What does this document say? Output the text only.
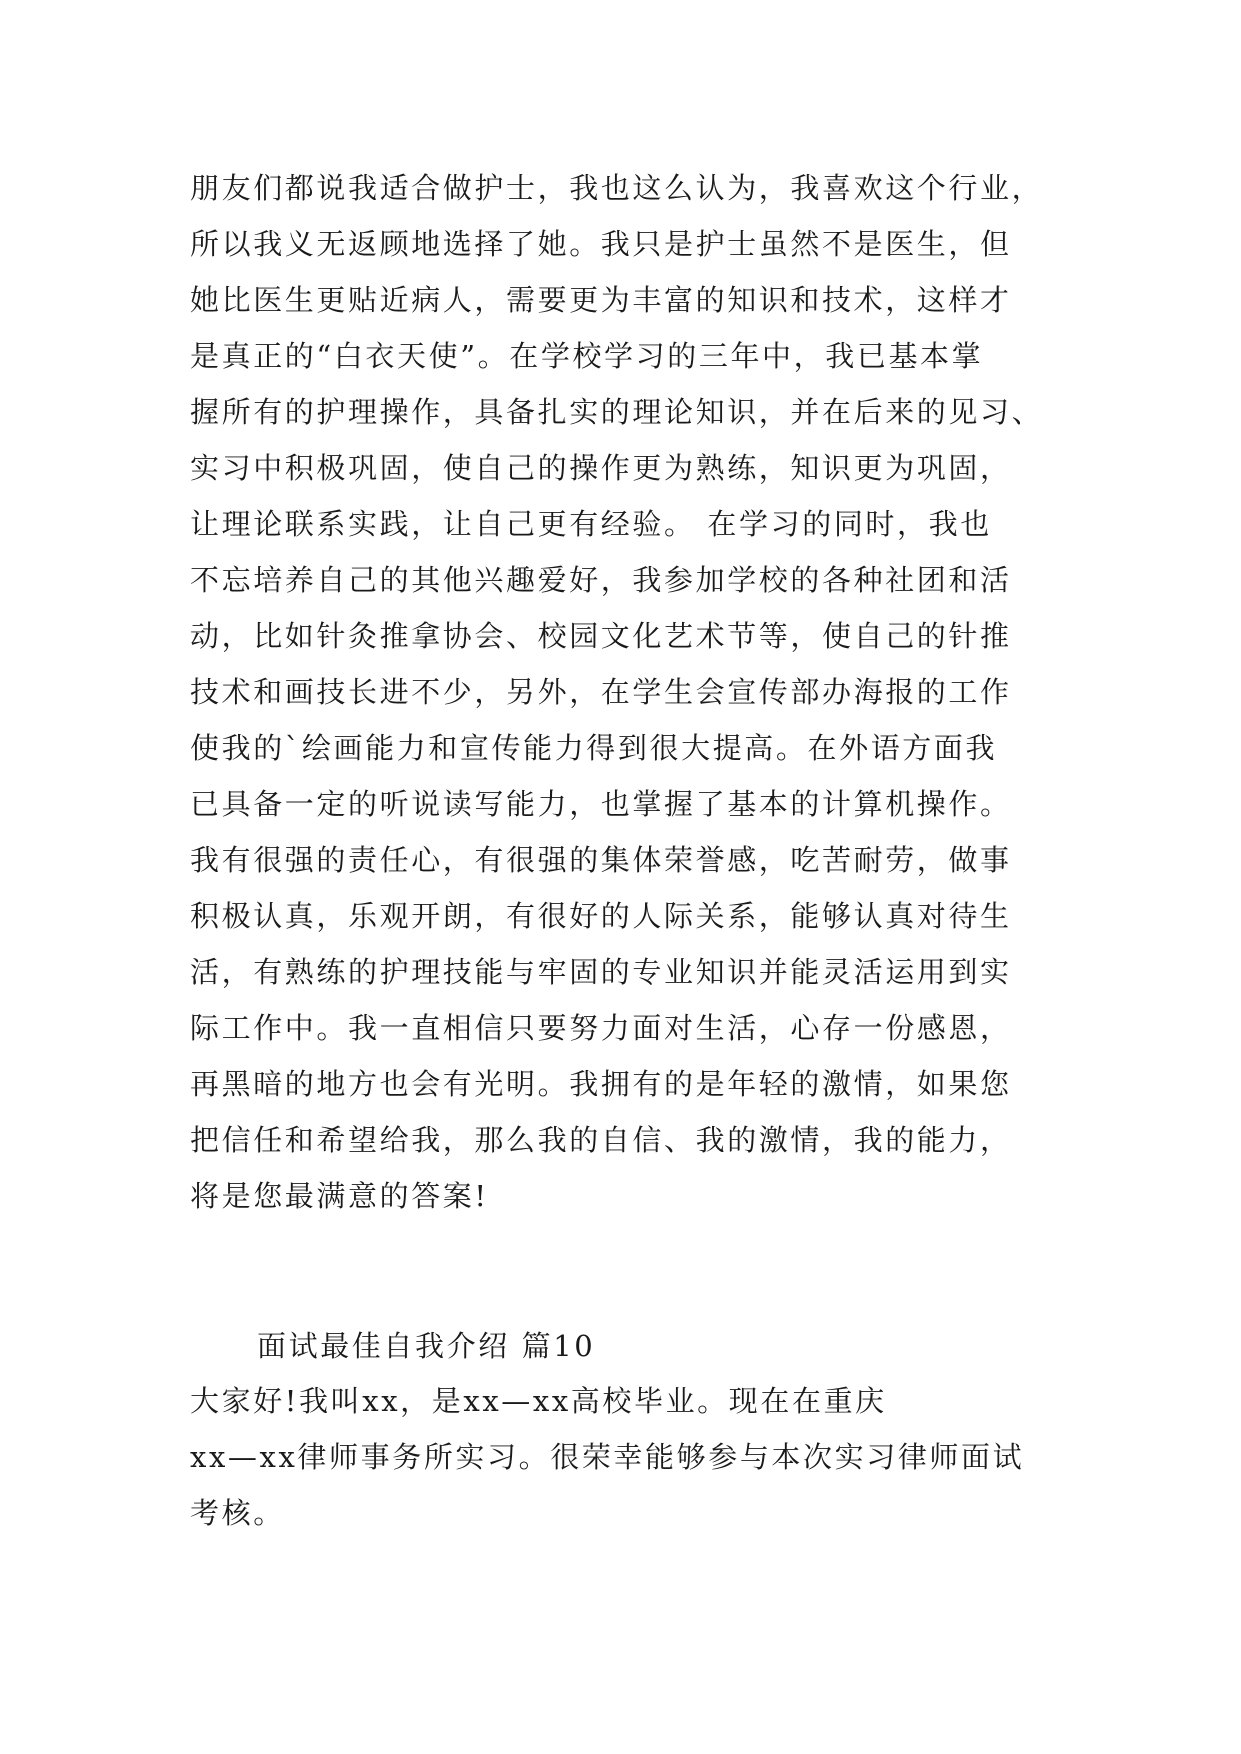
朋友们都说我适合做护士，我也这么认为，我喜欢这个行业，
所以我义无返顾地选择了她。我只是护士虽然不是医生，但
她比医生更贴近病人，需要更为丰富的知识和技术，这样才
是真正的“白衣天使”。在学校学习的三年中，我已基本掌
握所有的护理操作，具备扎实的理论知识，并在后来的见习、
实习中积极巩固，使自己的操作更为熟练，知识更为巩固，
让理论联系实践，让自己更有经验。 在学习的同时，我也
不忘培养自己的其他兴趣爱好，我参加学校的各种社团和活
动，比如针灸推拿协会、校园文化艺术节等，使自己的针推
技术和画技长进不少，另外，在学生会宣传部办海报的工作
使我的`绘画能力和宣传能力得到很大提高。在外语方面我
已具备一定的听说读写能力，也掌握了基本的计算机操作。
我有很强的责任心，有很强的集体荣誉感，吃苦耐劳，做事
积极认真，乐观开朗，有很好的人际关系，能够认真对待生
活，有熟练的护理技能与牢固的专业知识并能灵活运用到实
际工作中。我一直相信只要努力面对生活，心存一份感恩，
再黑暗的地方也会有光明。我拥有的是年轻的激情，如果您
把信任和希望给我，那么我的自信、我的激情，我的能力，
将是您最满意的答案!
面试最佳自我介绍 篇10
大家好!我叫xx，是xx—xx高校毕业。现在在重庆
xx—xx律师事务所实习。很荣幸能够参与本次实习律师面试
考核。
